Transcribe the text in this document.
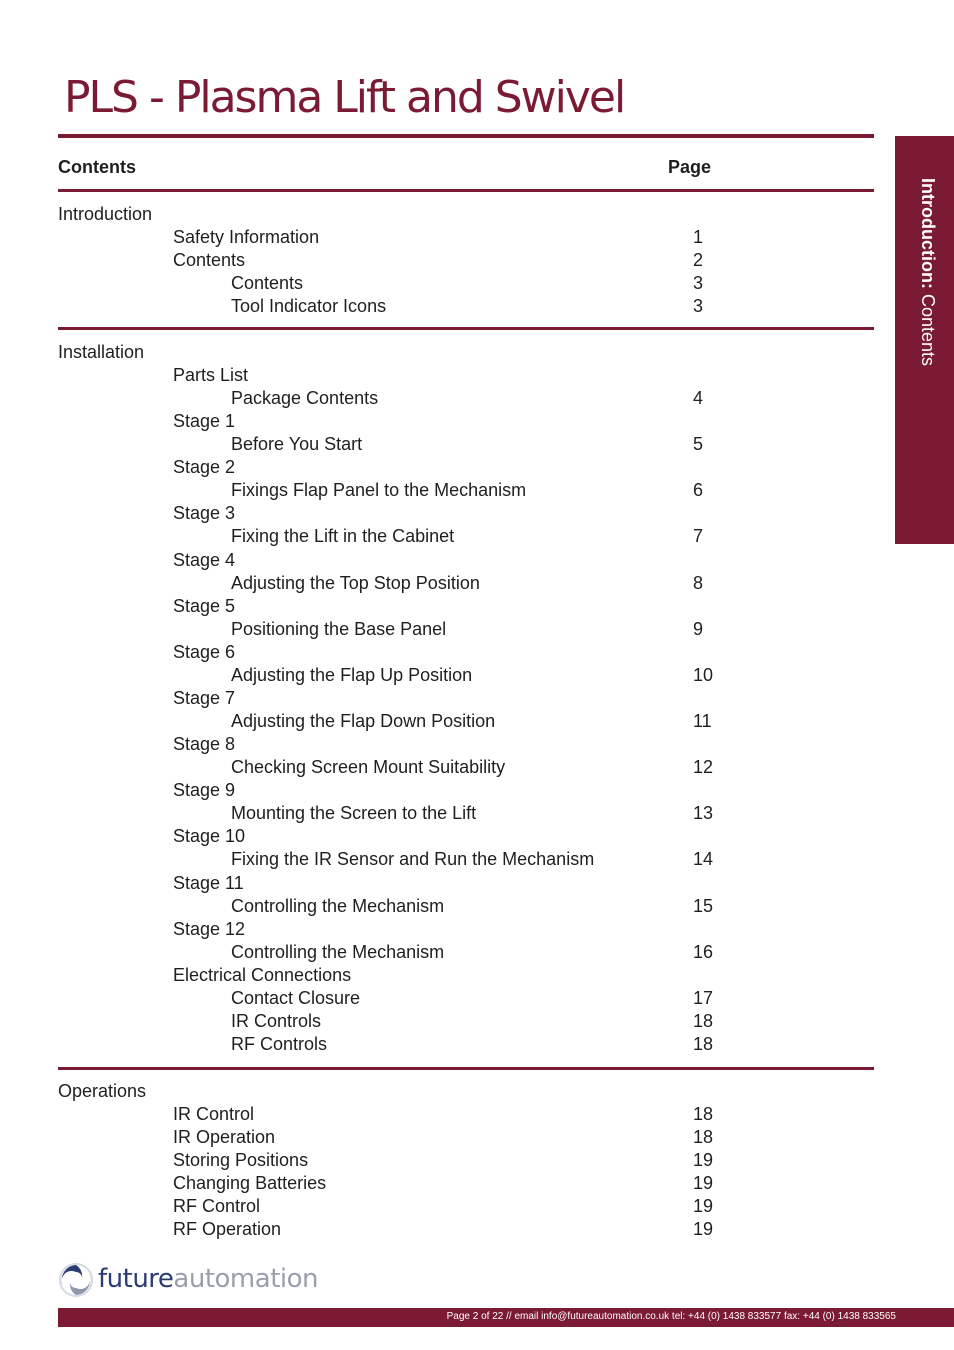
PLS - Plasma Lift and Swivel
Contents	Page
Introduction
Safety Information	1
Contents	2
Contents	3
Tool Indicator Icons	3
Installation
Parts List
Package Contents	4
Stage 1
Before You Start	5
Stage 2
Fixings Flap Panel to the Mechanism	6
Stage 3
Fixing the Lift in the Cabinet	7
Stage 4
Adjusting the Top Stop Position	8
Stage 5
Positioning the Base Panel	9
Stage 6
Adjusting the Flap Up Position	10
Stage 7
Adjusting the Flap Down Position	11
Stage 8
Checking Screen Mount Suitability	12
Stage 9
Mounting the Screen to the Lift	13
Stage 10
Fixing the IR Sensor and Run the Mechanism	14
Stage 11
Controlling the Mechanism	15
Stage 12
Controlling the Mechanism	16
Electrical Connections
Contact Closure	17
IR Controls	18
RF Controls	18
Operations
IR Control	18
IR Operation	18
Storing Positions	19
Changing Batteries	19
RF Control	19
RF Operation	19
Introduction: Contents
futureautomation
Page 2 of 22 // email info@futureautomation.co.uk tel: +44 (0) 1438 833577 fax: +44 (0) 1438 833565
